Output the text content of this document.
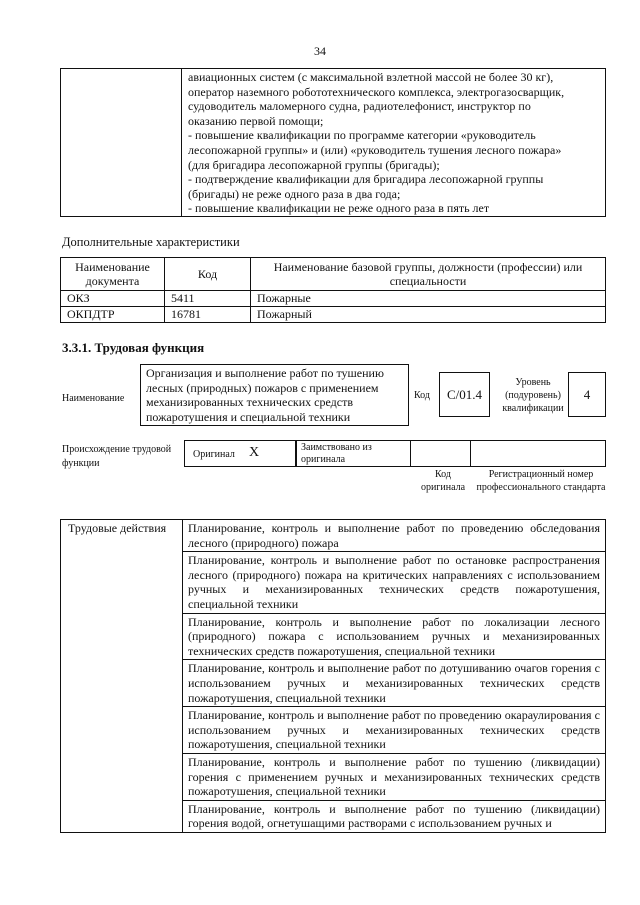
34

авиационных систем (с максимальной взлетной массой не более 30 кг),

оператор наземного робототехнического комплекса, электрогазосварщик,

судоводитель маломерного судна, радиотелефонист, инструктор по

оказанию первой помощи;

- повышение квалификации по программе категории «руководитель

лесопожарной группы» и (или) «руководитель тушения лесного пожара»

(для бригадира лесопожарной группы (бригады);

- подтверждение квалификации для бригадира лесопожарной группы

(бригады) не реже одного раза в два года;

- повышение квалификации не реже одного раза в пять лет

Дополнительные характеристики
Наименование документа	Код	Наименование базовой группы, должности (профессии) или специальности
ОКЗ	5411	Пожарные
ОКПДТР	16781	Пожарный
3.3.1. Трудовая функция
Наименование
Организация и выполнение работ по тушению лесных (природных) пожаров с применением механизированных технических средств пожаротушения и специальной техники
Код	C/01.4
Уровень (подуровень) квалификации
4
Происхождение трудовой функции
Оригинал X	Заимствовано из оригинала
Код оригинала
Регистрационный номер профессионального стандарта
Трудовые действия	Планирование, контроль и выполнение работ по проведению обследования лесного (природного) пожара
Планирование, контроль и выполнение работ по остановке распространения лесного (природного) пожара на критических направлениях с использованием ручных и механизированных технических средств пожаротушения, специальной техники
Планирование, контроль и выполнение работ по локализации лесного (природного) пожара с использованием ручных и механизированных технических средств пожаротушения, специальной техники
Планирование, контроль и выполнение работ по дотушиванию очагов горения с использованием ручных и механизированных технических средств пожаротушения, специальной техники
Планирование, контроль и выполнение работ по проведению окараулирования с использованием ручных и механизированных технических средств пожаротушения, специальной техники
Планирование, контроль и выполнение работ по тушению (ликвидации) горения с применением ручных и механизированных технических средств пожаротушения, специальной техники
Планирование, контроль и выполнение работ по тушению (ликвидации) горения водой, огнетушащими растворами с использованием ручных и
